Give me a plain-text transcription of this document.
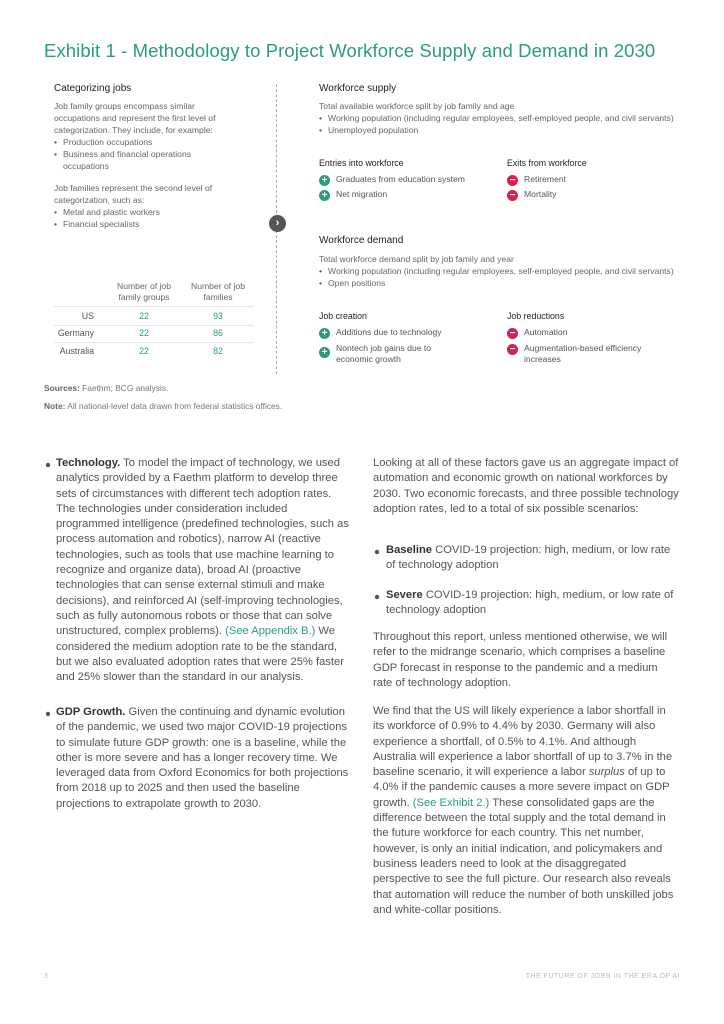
Exhibit 1 - Methodology to Project Workforce Supply and Demand in 2030
Categorizing jobs
Job family groups encompass similar occupations and represent the first level of categorization. They include, for example:
• Production occupations
• Business and financial operations occupations
Job families represent the second level of categorization, such as:
• Metal and plastic workers
• Financial specialists
Number of job family groups
Number of job families
US	22	93
Germany	22	86
Australia	22	82
›
Workforce supply
Total available workforce split by job family and age
• Working population (including regular employees, self-employed people, and civil servants)
• Unemployed population
Entries into workforce
+ Graduates from education system
+ Net migration
Exits from workforce
− Retirement
− Mortality
Workforce demand
Total workforce demand split by job family and year
• Working population (including regular employees, self-employed people, and civil servants)
• Open positions
Job creation
+ Additions due to technology
+ Nontech job gains due to economic growth
Job reductions
− Automation
− Augmentation-based efficiency increases
Sources: Faethm; BCG analysis.
Note: All national-level data drawn from federal statistics offices.
Technology. To model the impact of technology, we used analytics provided by a Faethm platform to develop three sets of circumstances with different tech adoption rates. The technologies under consideration included programmed intelligence (predefined technologies, such as process automation and robotics), narrow AI (reactive technologies, such as tools that use machine learning to recognize and organize data), broad AI (proactive technologies that can sense external stimuli and make decisions), and reinforced AI (self-improving technologies, such as fully autonomous robots or those that can solve unstructured, complex problems). (See Appendix B.) We considered the medium adoption rate to be the standard, but we also evaluated adoption rates that were 25% faster and 25% slower than the standard in our analysis.
GDP Growth. Given the continuing and dynamic evolution of the pandemic, we used two major COVID-19 projections to simulate future GDP growth: one is a baseline, while the other is more severe and has a longer recovery time. We leveraged data from Oxford Economics for both projections from 2018 up to 2025 and then used the baseline projections to extrapolate growth to 2030.
Looking at all of these factors gave us an aggregate impact of automation and economic growth on national workforces by 2030. Two economic forecasts, and three possible technology adoption rates, led to a total of six possible scenarios:
Baseline COVID-19 projection: high, medium, or low rate of technology adoption
Severe COVID-19 projection: high, medium, or low rate of technology adoption
Throughout this report, unless mentioned otherwise, we will refer to the midrange scenario, which comprises a baseline GDP forecast in response to the pandemic and a medium rate of technology adoption.
We find that the US will likely experience a labor shortfall in its workforce of 0.9% to 4.4% by 2030. Germany will also experience a shortfall, of 0.5% to 4.1%. And although Australia will experience a labor shortfall of up to 3.7% in the baseline scenario, it will experience a labor surplus of up to 4.0% if the pandemic causes a more severe impact on GDP growth. (See Exhibit 2.) These consolidated gaps are the difference between the total supply and the total demand in the future workforce for each country. This net number, however, is only an initial indication, and policymakers and business leaders need to look at the disaggregated perspective to see the full picture. Our research also reveals that automation will reduce the number of both unskilled jobs and white-collar positions.
3	THE FUTURE OF JOBS IN THE ERA OF AI
